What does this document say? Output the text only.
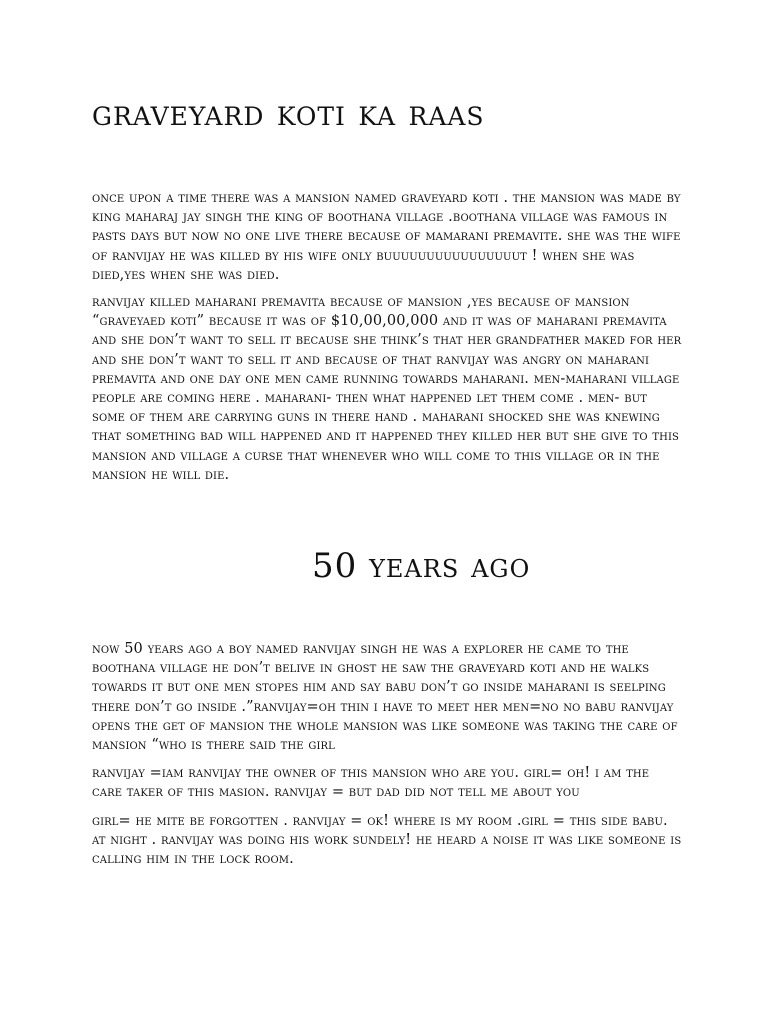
graveyard koti ka raas

once upon a time there was a mansion named graveyard koti . the mansion was made by king maharaj jay singh the king of boothana village .boothana village was famous in pasts days but now no one live there because of mamarani premavite. she was the wife of ranvijay he was killed by his wife only buuuuuuuuuuuuuuuut ! when she was died,yes when she was died.

ranvijay killed maharani premavita because of mansion ,yes because of mansion “graveyaed koti” because it was of $10,00,00,000 and it was of maharani premavita and she don’t want to sell it because she think’s that her grandfather maked for her and she don’t want to sell it and because of that ranvijay was angry on maharani premavita and one day one men came running towards maharani. men-maharani village people are coming here . maharani- then what happened let them come . men- but some of them are carrying guns in there hand . maharani shocked she was knewing that something bad will happened and it happened they killed her but she give to this mansion and village a curse that whenever who will come to this village or in the mansion he will die.

50 years ago

now 50 years ago a boy named ranvijay singh he was a explorer he came to the boothana village he don’t belive in ghost he saw the graveyard koti and he walks towards it but one men stopes him and say babu don’t go inside maharani is seelping there don’t go inside .”ranvijay=oh thin i have to meet her men=no no babu ranvijay opens the get of mansion the whole mansion was like someone was taking the care of mansion “who is there said the girl

ranvijay =iam ranvijay the owner of this mansion who are you. girl= oh! i am the care taker of this masion. ranvijay = but dad did not tell me about you

girl= he mite be forgotten . ranvijay = ok! where is my room .girl = this side babu. at night . ranvijay was doing his work sundely! he heard a noise it was like someone is calling him in the lock room.
